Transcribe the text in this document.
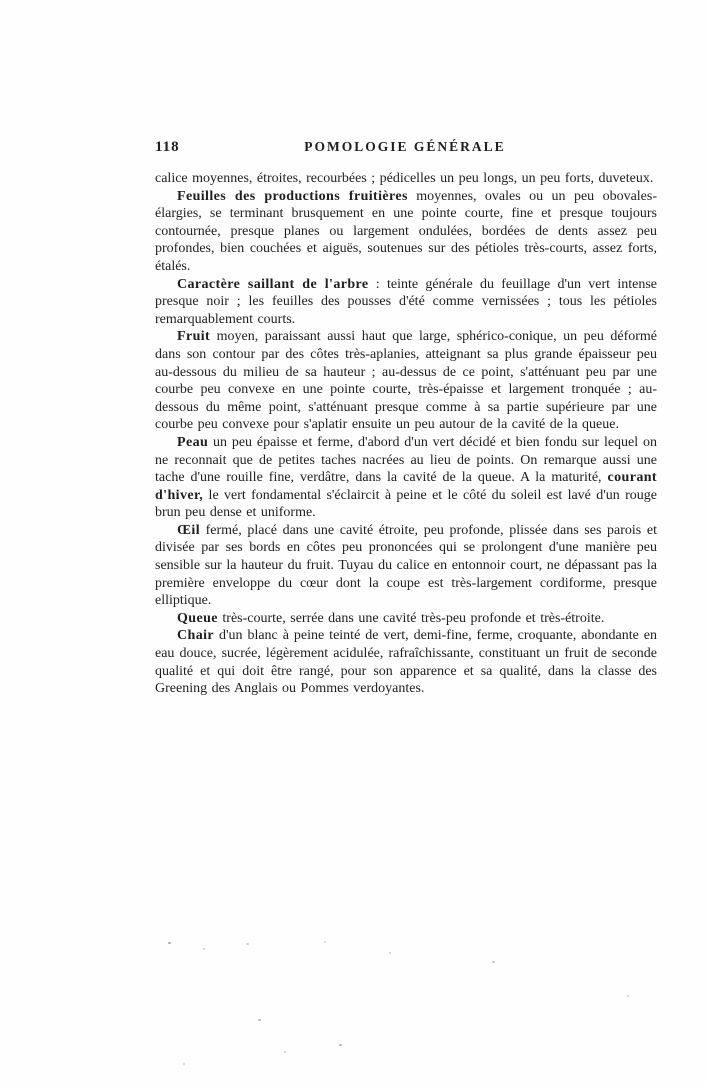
118	POMOLOGIE GÉNÉRALE

calice moyennes, étroites, recourbées ; pédicelles un peu longs, un peu forts, duveteux.

Feuilles des productions fruitières moyennes, ovales ou un peu obovales-élargies, se terminant brusquement en une pointe courte, fine et presque toujours contournée, presque planes ou largement ondulées, bordées de dents assez peu profondes, bien couchées et aiguës, soutenues sur des pétioles très-courts, assez forts, étalés.

Caractère saillant de l'arbre : teinte générale du feuillage d'un vert intense presque noir ; les feuilles des pousses d'été comme vernissées ; tous les pétioles remarquablement courts.

Fruit moyen, paraissant aussi haut que large, sphérico-conique, un peu déformé dans son contour par des côtes très-aplanies, atteignant sa plus grande épaisseur peu au-dessous du milieu de sa hauteur ; au-dessus de ce point, s'atténuant peu par une courbe peu convexe en une pointe courte, très-épaisse et largement tronquée ; au-dessous du même point, s'atténuant presque comme à sa partie supérieure par une courbe peu convexe pour s'aplatir ensuite un peu autour de la cavité de la queue.

Peau un peu épaisse et ferme, d'abord d'un vert décidé et bien fondu sur lequel on ne reconnait que de petites taches nacrées au lieu de points. On remarque aussi une tache d'une rouille fine, verdâtre, dans la cavité de la queue. A la maturité, courant d'hiver, le vert fondamental s'éclaircit à peine et le côté du soleil est lavé d'un rouge brun peu dense et uniforme.

Œil fermé, placé dans une cavité étroite, peu profonde, plissée dans ses parois et divisée par ses bords en côtes peu prononcées qui se prolongent d'une manière peu sensible sur la hauteur du fruit. Tuyau du calice en entonnoir court, ne dépassant pas la première enveloppe du cœur dont la coupe est très-largement cordiforme, presque elliptique.

Queue très-courte, serrée dans une cavité très-peu profonde et très-étroite.

Chair d'un blanc à peine teinté de vert, demi-fine, ferme, croquante, abondante en eau douce, sucrée, légèrement acidulée, rafraîchissante, constituant un fruit de seconde qualité et qui doit être rangé, pour son apparence et sa qualité, dans la classe des Greening des Anglais ou Pommes verdoyantes.
